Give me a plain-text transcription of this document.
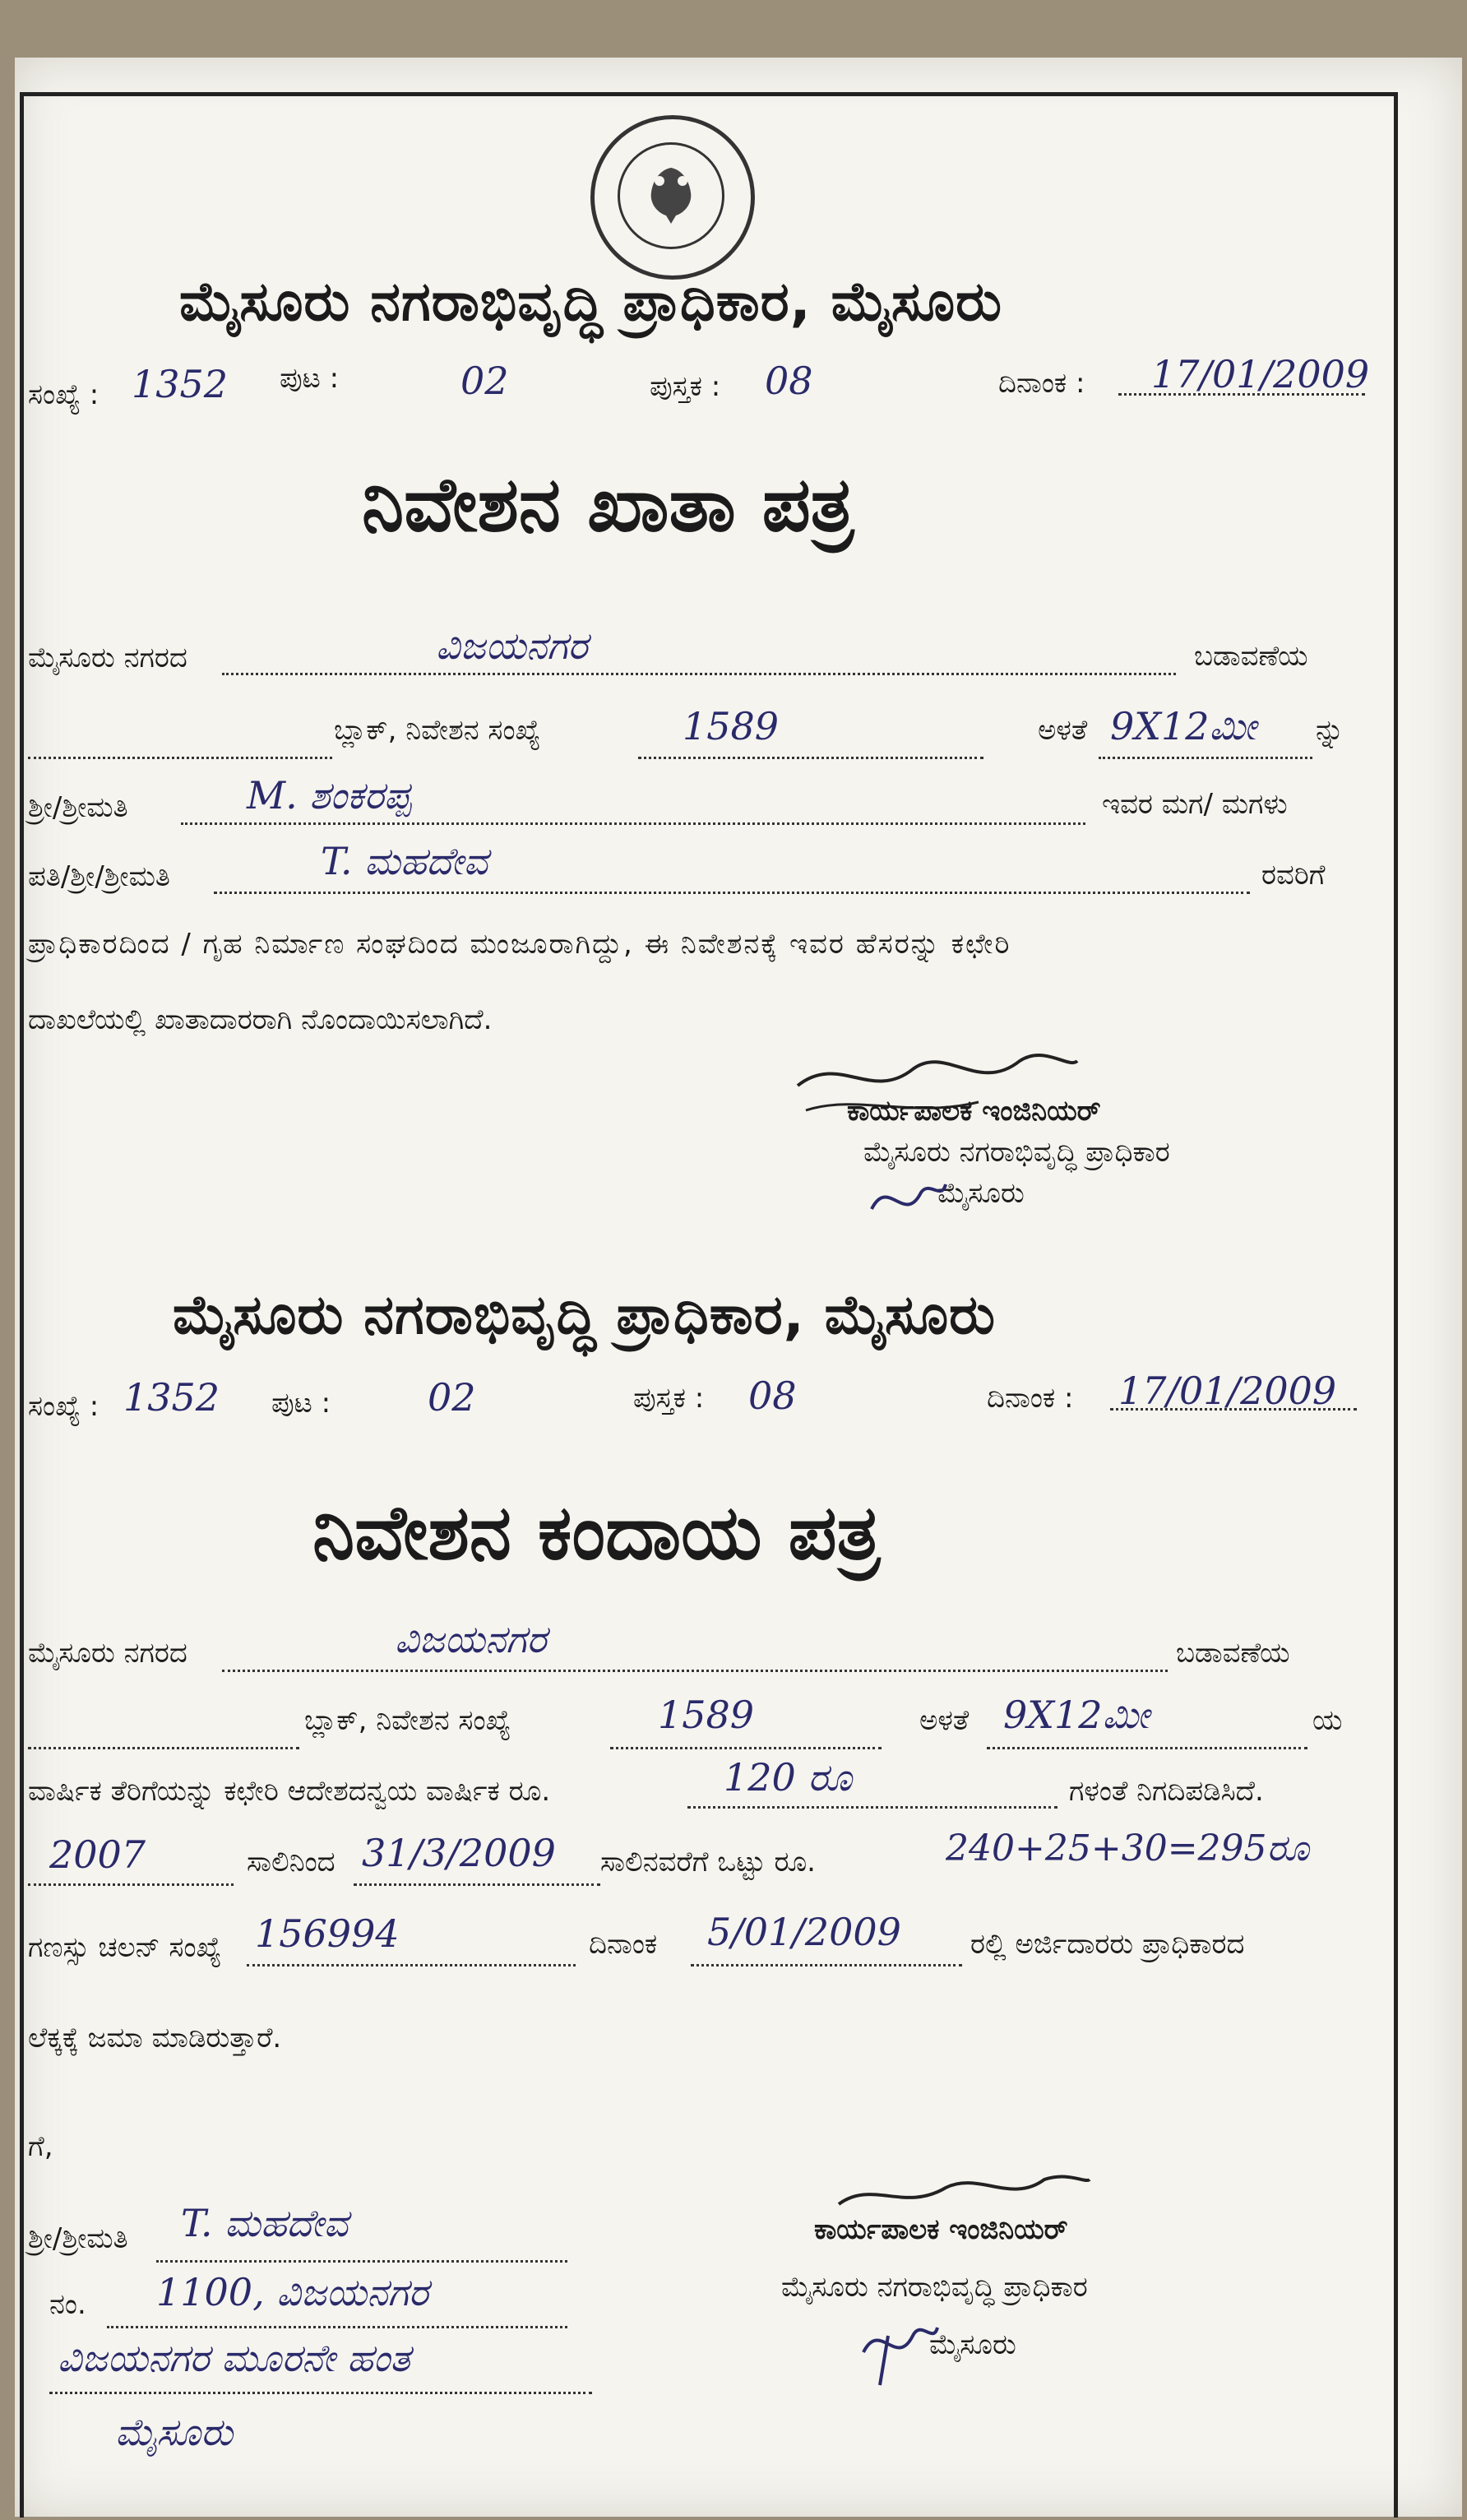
ಮೈಸೂರು ನಗರಾಭಿವೃದ್ಧಿ ಪ್ರಾಧಿಕಾರ, ಮೈಸೂರು
ಸಂಖ್ಯೆ : 1352 ಪುಟ :	02	ಪುಸ್ತಕ : 08	ದಿನಾಂಕ : 17/01/2009
ನಿವೇಶನ ಖಾತಾ ಪತ್ರ
ಮೈಸೂರು ನಗರದ	ವಿಜಯನಗರ	ಬಡಾವಣೆಯ
ಬ್ಲಾಕ್, ನಿವೇಶನ ಸಂಖ್ಯೆ	1589	ಅಳತೆ 9X12ಮೀ ನ್ನು
ಶ್ರೀ/ಶ್ರೀಮತಿ	M. ಶಂಕರಪ್ಪ	ಇವರ ಮಗ/ ಮಗಳು
ಪತಿ/ಶ್ರೀ/ಶ್ರೀಮತಿ	T. ಮಹದೇವ	ರವರಿಗೆ
ಪ್ರಾಧಿಕಾರದಿಂದ / ಗೃಹ ನಿರ್ಮಾಣ ಸಂಘದಿಂದ ಮಂಜೂರಾಗಿದ್ದು, ಈ ನಿವೇಶನಕ್ಕೆ ಇವರ ಹೆಸರನ್ನು ಕಛೇರಿ
ದಾಖಲೆಯಲ್ಲಿ ಖಾತಾದಾರರಾಗಿ ನೊಂದಾಯಿಸಲಾಗಿದೆ.
ಕಾರ್ಯಪಾಲಕ ಇಂಜಿನಿಯರ್
ಮೈಸೂರು ನಗರಾಭಿವೃದ್ಧಿ ಪ್ರಾಧಿಕಾರ
ಮೈಸೂರು
ಮೈಸೂರು ನಗರಾಭಿವೃದ್ಧಿ ಪ್ರಾಧಿಕಾರ, ಮೈಸೂರು
ಸಂಖ್ಯೆ : 1352 ಪುಟ :	02	ಪುಸ್ತಕ : 08	ದಿನಾಂಕ : 17/01/2009
ನಿವೇಶನ ಕಂದಾಯ ಪತ್ರ
ಮೈಸೂರು ನಗರದ	ವಿಜಯನಗರ	ಬಡಾವಣೆಯ
ಬ್ಲಾಕ್, ನಿವೇಶನ ಸಂಖ್ಯೆ	1589	ಅಳತೆ 9X12ಮೀ	ಯ
ವಾರ್ಷಿಕ ತೆರಿಗೆಯನ್ನು ಕಛೇರಿ ಆದೇಶದನ್ವಯ ವಾರ್ಷಿಕ ರೂ.	120 ರೂ	ಗಳಂತೆ ನಿಗದಿಪಡಿಸಿದೆ.
2007	ಸಾಲಿನಿಂದ 31/3/2009 ಸಾಲಿನವರೆಗೆ ಒಟ್ಟು ರೂ.	240+25+30=295ರೂ
ಗಣಸ್ಸು ಚಲನ್ ಸಂಖ್ಯೆ 156994	ದಿನಾಂಕ 5/01/2009 ರಲ್ಲಿ ಅರ್ಜಿದಾರರು ಪ್ರಾಧಿಕಾರದ
ಲೆಕ್ಕಕ್ಕೆ ಜಮಾ ಮಾಡಿರುತ್ತಾರೆ.
ಗೆ,
ಶ್ರೀ/ಶ್ರೀಮತಿ T. ಮಹದೇವ
ನಂ. 1100, ವಿಜಯನಗರ
ವಿಜಯನಗರ ಮೂರನೇ ಹಂತ
ಮೈಸೂರು
ಕಾರ್ಯಪಾಲಕ ಇಂಜಿನಿಯರ್
ಮೈಸೂರು ನಗರಾಭಿವೃದ್ಧಿ ಪ್ರಾಧಿಕಾರ
ಮೈಸೂರು
